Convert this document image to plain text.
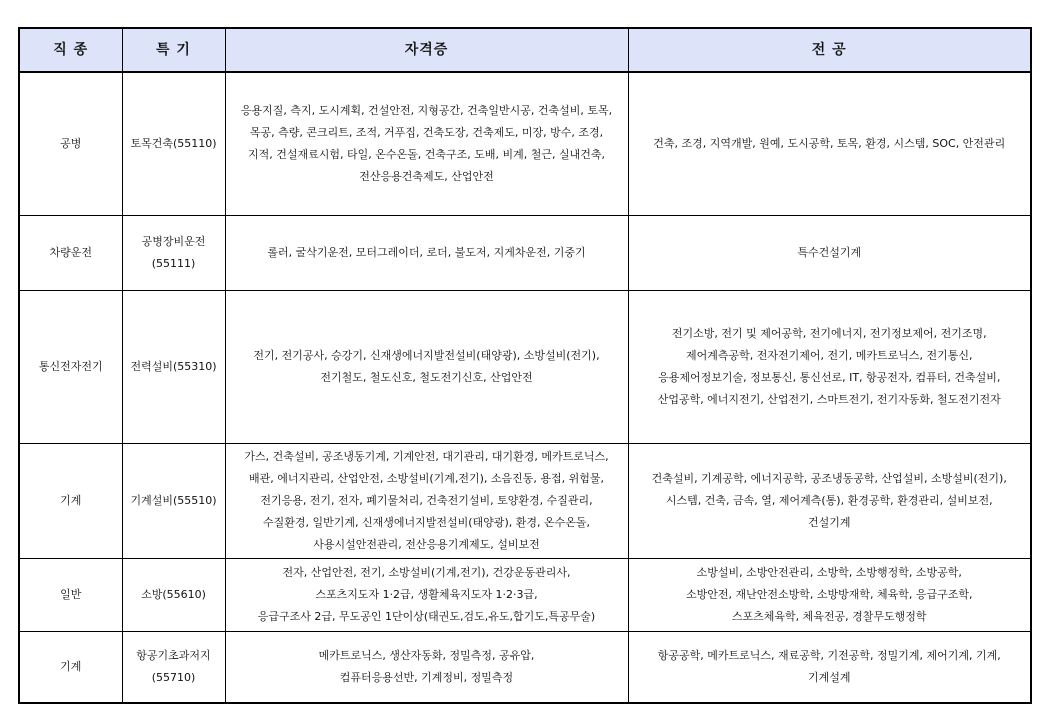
직 종	특 기	자격증	전 공

공병	토목건축(55110)	응용지질, 측지, 도시계획, 건설안전, 지형공간, 건축일반시공, 건축설비, 토목,
목공, 측량, 콘크리트, 조적, 거푸집, 건축도장, 건축제도, 미장, 방수, 조경,
지적, 건설재료시험, 타일, 온수온돌, 건축구조, 도배, 비계, 철근, 실내건축,
전산응용건축제도, 산업안전	건축, 조경, 지역개발, 원예, 도시공학, 토목, 환경, 시스템, SOC, 안전관리

차량운전	공병장비운전
(55111)	롤러, 굴삭기운전, 모터그레이더, 로더, 불도저, 지게차운전, 기중기	특수건설기계

통신전자전기	전력설비(55310)	전기, 전기공사, 승강기, 신재생에너지발전설비(태양광), 소방설비(전기),
전기철도, 철도신호, 철도전기신호, 산업안전	전기소방, 전기 및 제어공학, 전기에너지, 전기정보제어, 전기조명,
제어계측공학, 전자전기제어, 전기, 메카트로닉스, 전기통신,
응용제어정보기술, 정보통신, 통신선로, IT, 항공전자, 컴퓨터, 건축설비,
산업공학, 에너지전기, 산업전기, 스마트전기, 전기자동화, 철도전기전자

기계	기계설비(55510)	가스, 건축설비, 공조냉동기계, 기계안전, 대기관리, 대기환경, 메카트로닉스,
배관, 에너지관리, 산업안전, 소방설비(기계,전기), 소음진동, 용접, 위험물,
전기응용, 전기, 전자, 폐기물처리, 건축전기설비, 토양환경, 수질관리,
수질환경, 일반기계, 신재생에너지발전설비(태양광), 환경, 온수온돌,
사용시설안전관리, 전산응용기계제도, 설비보전	건축설비, 기계공학, 에너지공학, 공조냉동공학, 산업설비, 소방설비(전기),
시스템, 건축, 금속, 열, 제어계측(통), 환경공학, 환경관리, 설비보전,
건설기계

일반	소방(55610)	전자, 산업안전, 전기, 소방설비(기계,전기), 건강운동관리사,
스포츠지도자 1·2급, 생활체육지도자 1·2·3급,
응급구조사 2급, 무도공인 1단이상(태권도,검도,유도,합기도,특공무술)	소방설비, 소방안전관리, 소방학, 소방행정학, 소방공학,
소방안전, 재난안전소방학, 소방방재학, 체육학, 응급구조학,
스포츠체육학, 체육전공, 경찰무도행정학

기계	항공기초과저지
(55710)	메카트로닉스, 생산자동화, 정밀측정, 공유압,
컴퓨터응용선반, 기계정비, 정밀측정	항공공학, 메카트로닉스, 재료공학, 기전공학, 정밀기계, 제어기계, 기계,
기계설계
